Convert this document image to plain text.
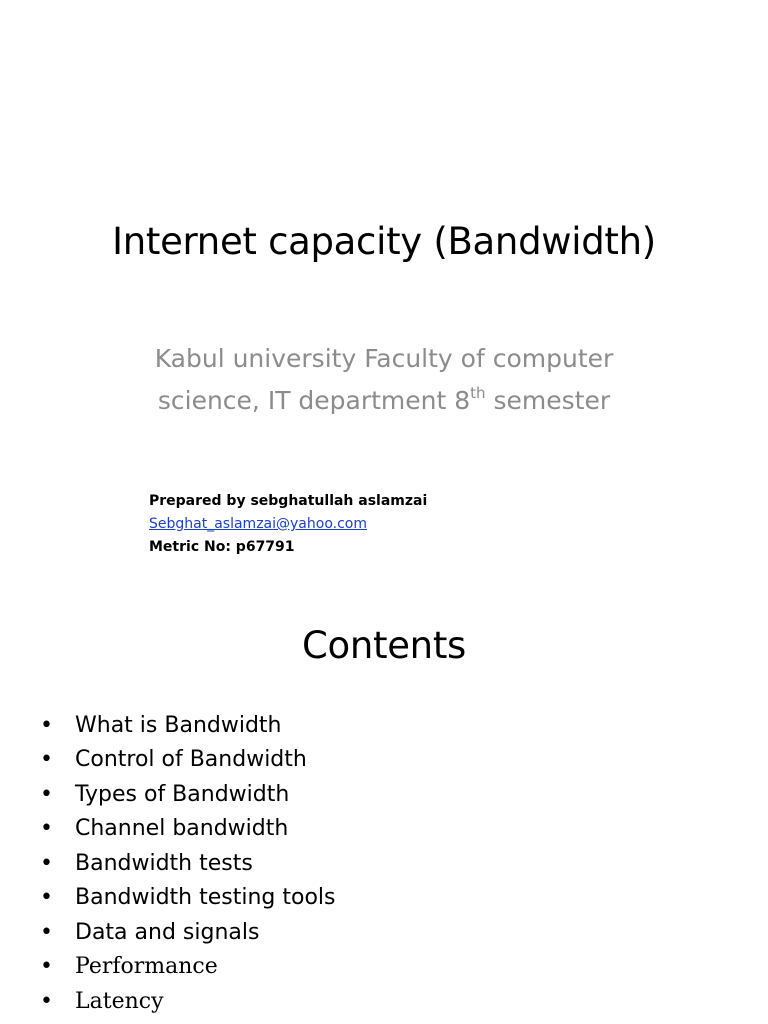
Internet capacity (Bandwidth)
Kabul university Faculty of computer
science, IT department 8th semester
Prepared by sebghatullah aslamzai
Sebghat_aslamzai@yahoo.com
Metric No: p67791
Contents
•	What is Bandwidth
•	Control of Bandwidth
•	Types of Bandwidth
•	Channel bandwidth
•	Bandwidth tests
•	Bandwidth testing tools
•	Data and signals
•	Performance
•	Latency
